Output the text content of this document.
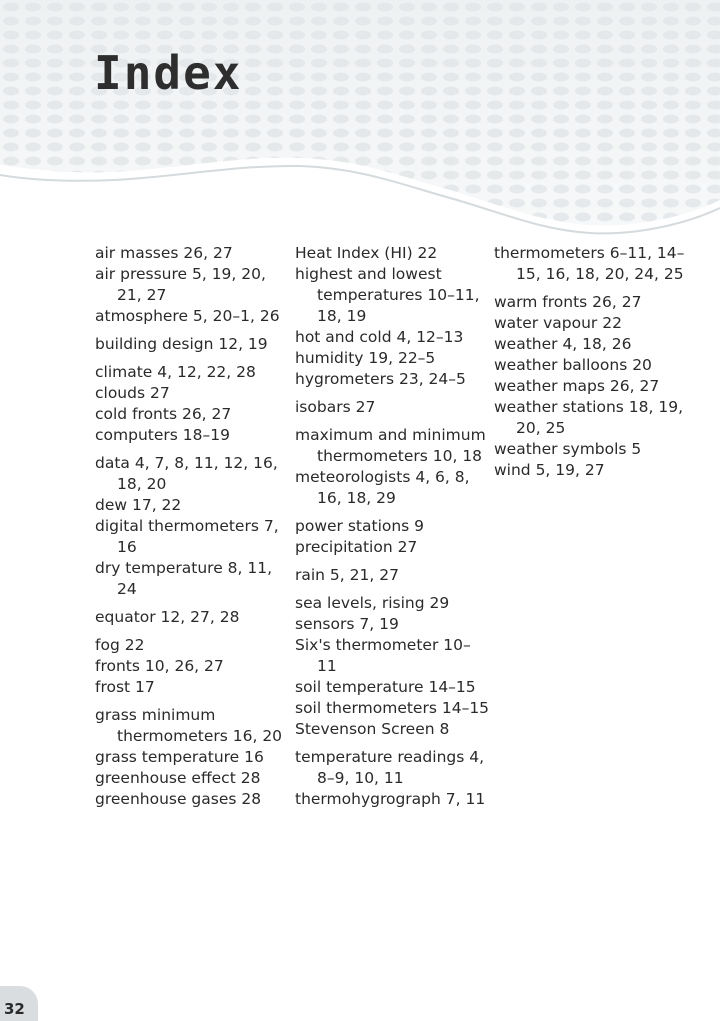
Index

air masses 26, 27

air pressure 5, 19, 20, 21, 27

atmosphere 5, 20–1, 26

building design 12, 19

climate 4, 12, 22, 28

clouds 27

cold fronts 26, 27

computers 18–19

data 4, 7, 8, 11, 12, 16, 18, 20

dew 17, 22

digital thermometers 7, 16

dry temperature 8, 11, 24

equator 12, 27, 28

fog 22

fronts 10, 26, 27

frost 17

grass minimum thermometers 16, 20

grass temperature 16

greenhouse effect 28

greenhouse gases 28

Heat Index (HI) 22

highest and lowest temperatures 10–11, 18, 19

hot and cold 4, 12–13

humidity 19, 22–5

hygrometers 23, 24–5

isobars 27

maximum and minimum thermometers 10, 18

meteorologists 4, 6, 8, 16, 18, 29

power stations 9

precipitation 27

rain 5, 21, 27

sea levels, rising 29

sensors 7, 19

Six's thermometer 10–11

soil temperature 14–15

soil thermometers 14–15

Stevenson Screen 8

temperature readings 4, 8–9, 10, 11

thermohygrograph 7, 11

thermometers 6–11, 14–15, 16, 18, 20, 24, 25

warm fronts 26, 27

water vapour 22

weather 4, 18, 26

weather balloons 20

weather maps 26, 27

weather stations 18, 19, 20, 25

weather symbols 5

wind 5, 19, 27

32
